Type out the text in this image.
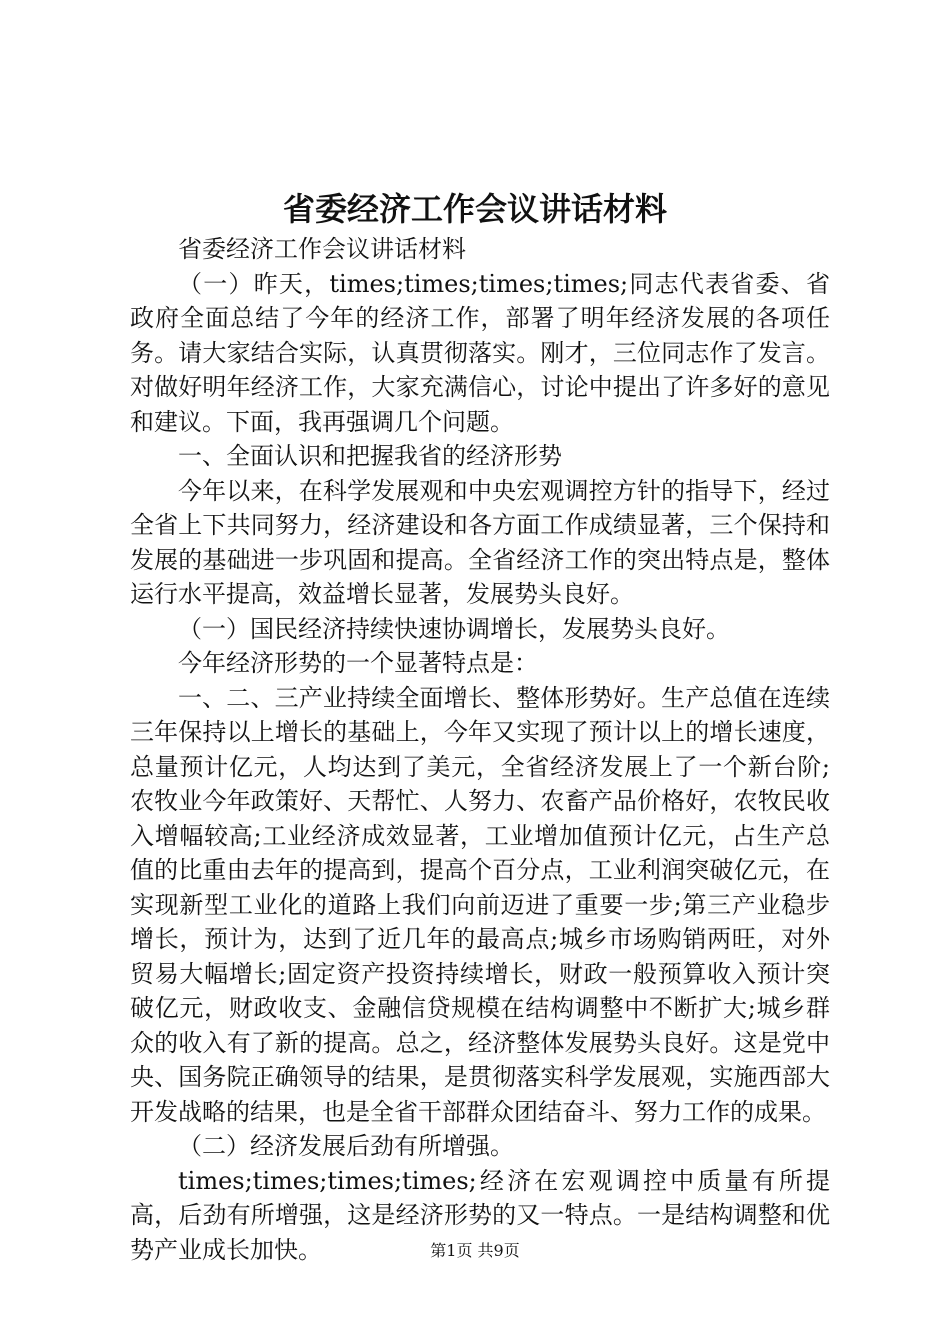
省委经济工作会议讲话材料

省委经济工作会议讲话材料

（一）昨天，times;times;times;times;同志代表省委、省政府全面总结了今年的经济工作，部署了明年经济发展的各项任务。请大家结合实际，认真贯彻落实。刚才，三位同志作了发言。对做好明年经济工作，大家充满信心，讨论中提出了许多好的意见和建议。下面，我再强调几个问题。

一、全面认识和把握我省的经济形势

今年以来，在科学发展观和中央宏观调控方针的指导下，经过全省上下共同努力，经济建设和各方面工作成绩显著，三个保持和发展的基础进一步巩固和提高。全省经济工作的突出特点是，整体运行水平提高，效益增长显著，发展势头良好。

（一）国民经济持续快速协调增长，发展势头良好。

今年经济形势的一个显著特点是：

一、二、三产业持续全面增长、整体形势好。生产总值在连续三年保持以上增长的基础上，今年又实现了预计以上的增长速度，总量预计亿元，人均达到了美元，全省经济发展上了一个新台阶;农牧业今年政策好、天帮忙、人努力、农畜产品价格好，农牧民收入增幅较高;工业经济成效显著，工业增加值预计亿元，占生产总值的比重由去年的提高到，提高个百分点，工业利润突破亿元，在实现新型工业化的道路上我们向前迈进了重要一步;第三产业稳步增长，预计为，达到了近几年的最高点;城乡市场购销两旺，对外贸易大幅增长;固定资产投资持续增长，财政一般预算收入预计突破亿元，财政收支、金融信贷规模在结构调整中不断扩大;城乡群众的收入有了新的提高。总之，经济整体发展势头良好。这是党中央、国务院正确领导的结果，是贯彻落实科学发展观，实施西部大开发战略的结果，也是全省干部群众团结奋斗、努力工作的成果。

（二）经济发展后劲有所增强。

times;times;times;times;经济在宏观调控中质量有所提高，后劲有所增强，这是经济形势的又一特点。一是结构调整和优势产业成长加快。	第1页 共9页
